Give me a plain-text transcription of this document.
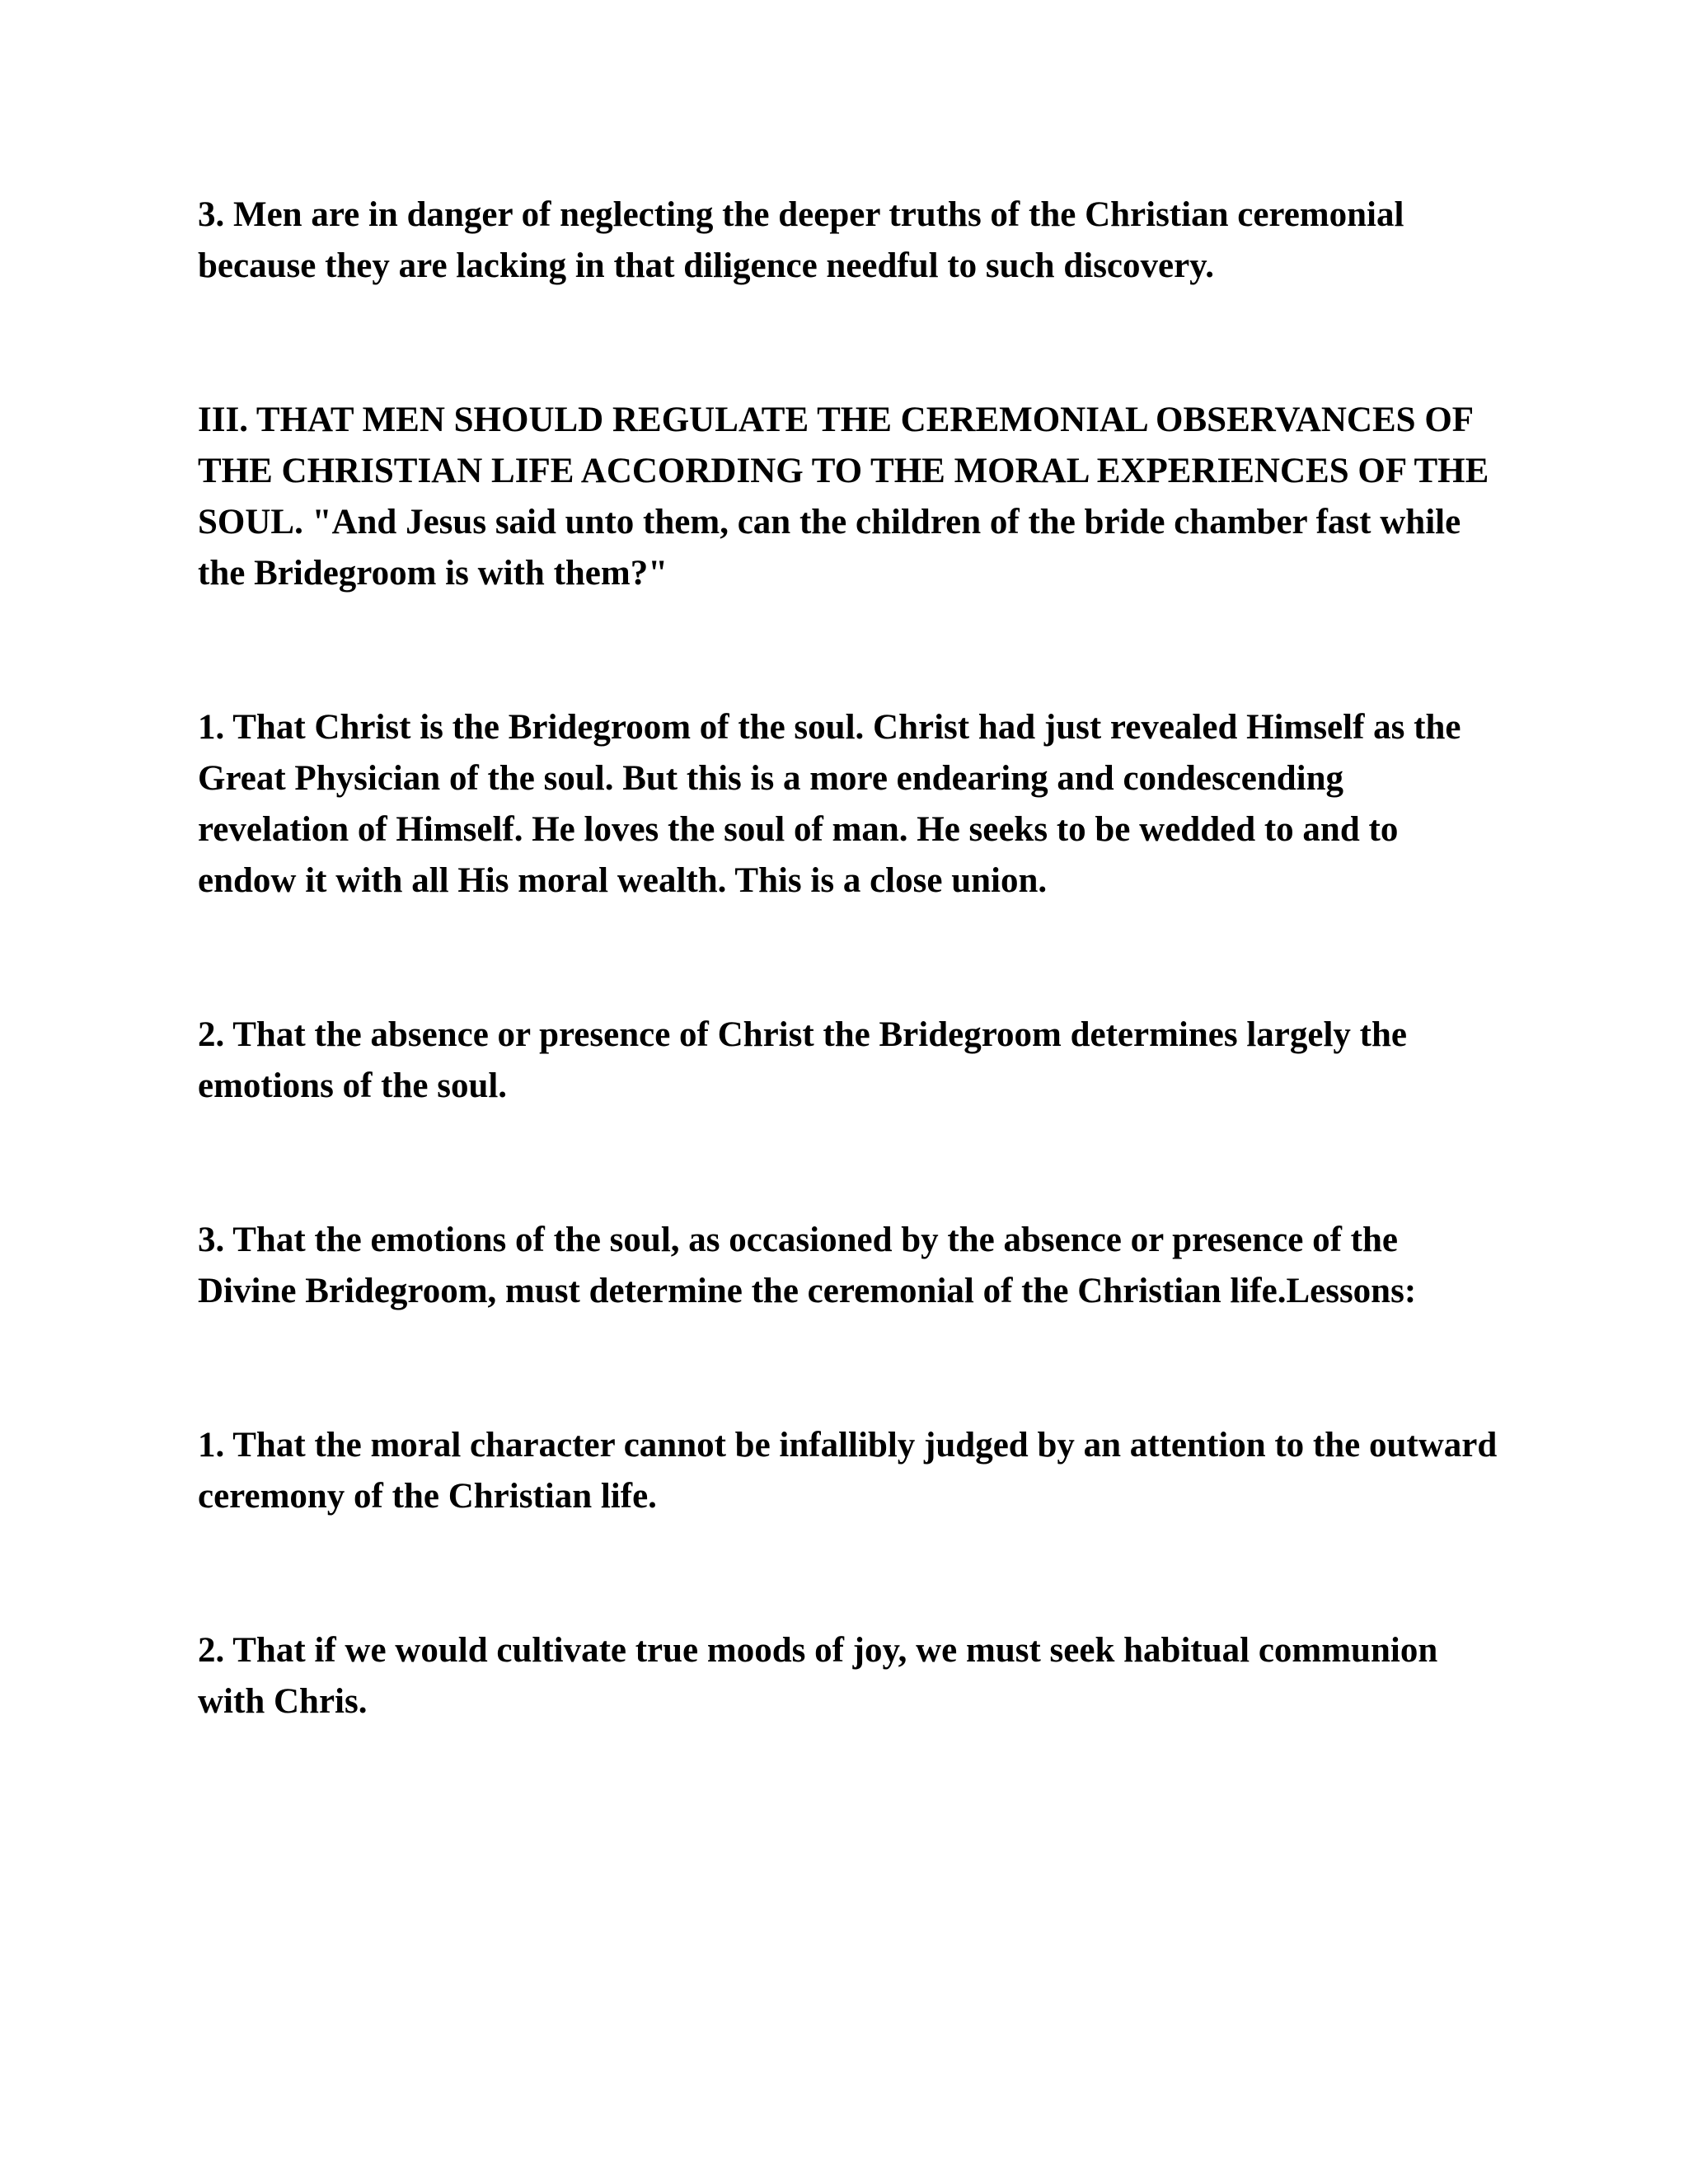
3. Men are in danger of neglecting the deeper truths of the Christian ceremonial because they are lacking in that diligence needful to such discovery.

III. THAT MEN SHOULD REGULATE THE CEREMONIAL OBSERVANCES OF THE CHRISTIAN LIFE ACCORDING TO THE MORAL EXPERIENCES OF THE SOUL. "And Jesus said unto them, can the children of the bride chamber fast while the Bridegroom is with them?"

1. That Christ is the Bridegroom of the soul. Christ had just revealed Himself as the Great Physician of the soul. But this is a more endearing and condescending revelation of Himself. He loves the soul of man. He seeks to be wedded to and to endow it with all His moral wealth. This is a close union.

2. That the absence or presence of Christ the Bridegroom determines largely the emotions of the soul.

3. That the emotions of the soul, as occasioned by the absence or presence of the Divine Bridegroom, must determine the ceremonial of the Christian life.Lessons:

1. That the moral character cannot be infallibly judged by an attention to the outward ceremony of the Christian life.

2. That if we would cultivate true moods of joy, we must seek habitual communion with Chris.
